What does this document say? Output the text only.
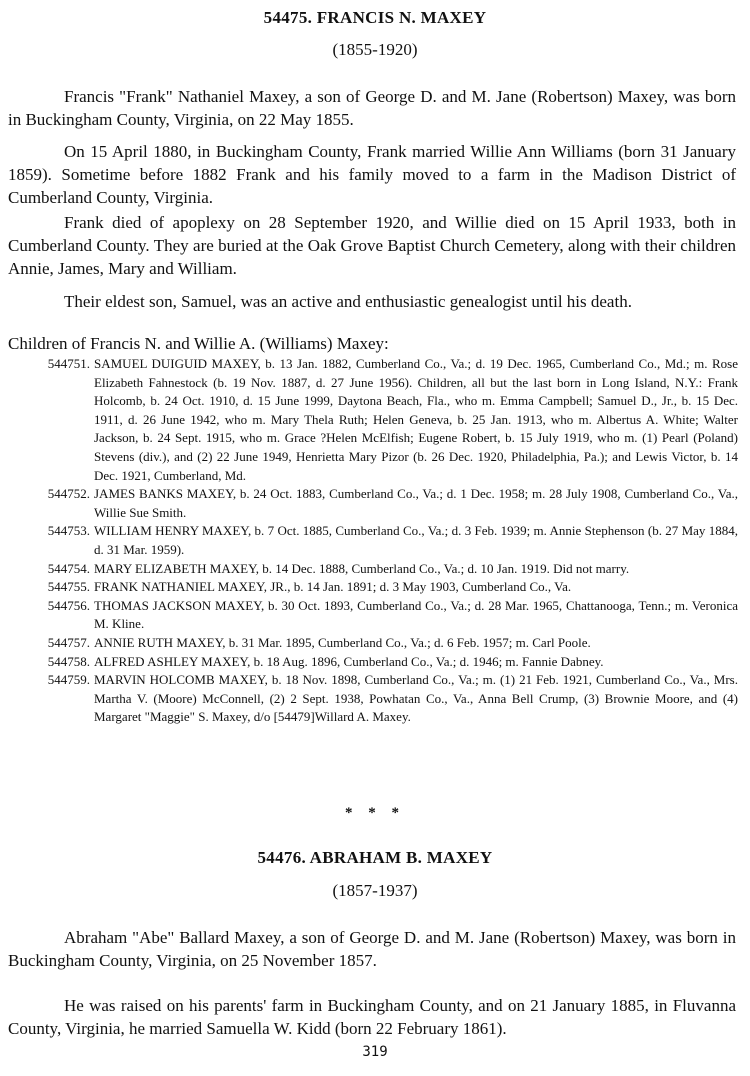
54475. FRANCIS N. MAXEY
(1855-1920)

Francis "Frank" Nathaniel Maxey, a son of George D. and M. Jane (Robertson) Maxey, was born in Buckingham County, Virginia, on 22 May 1855.

On 15 April 1880, in Buckingham County, Frank married Willie Ann Williams (born 31 January 1859). Sometime before 1882 Frank and his family moved to a farm in the Madison District of Cumberland County, Virginia.

Frank died of apoplexy on 28 September 1920, and Willie died on 15 April 1933, both in Cumberland County. They are buried at the Oak Grove Baptist Church Cemetery, along with their children Annie, James, Mary and William.

Their eldest son, Samuel, was an active and enthusiastic genealogist until his death.

Children of Francis N. and Willie A. (Williams) Maxey:

544751. SAMUEL DUIGUID MAXEY, b. 13 Jan. 1882, Cumberland Co., Va.; d. 19 Dec. 1965, Cumberland Co., Md.; m. Rose Elizabeth Fahnestock (b. 19 Nov. 1887, d. 27 June 1956). Children, all but the last born in Long Island, N.Y.: Frank Holcomb, b. 24 Oct. 1910, d. 15 June 1999, Daytona Beach, Fla., who m. Emma Campbell; Samuel D., Jr., b. 15 Dec. 1911, d. 26 June 1942, who m. Mary Thela Ruth; Helen Geneva, b. 25 Jan. 1913, who m. Albertus A. White; Walter Jackson, b. 24 Sept. 1915, who m. Grace ?Helen McElfish; Eugene Robert, b. 15 July 1919, who m. (1) Pearl (Poland) Stevens (div.), and (2) 22 June 1949, Henrietta Mary Pizor (b. 26 Dec. 1920, Philadelphia, Pa.); and Lewis Victor, b. 14 Dec. 1921, Cumberland, Md.
544752. JAMES BANKS MAXEY, b. 24 Oct. 1883, Cumberland Co., Va.; d. 1 Dec. 1958; m. 28 July 1908, Cumberland Co., Va., Willie Sue Smith.
544753. WILLIAM HENRY MAXEY, b. 7 Oct. 1885, Cumberland Co., Va.; d. 3 Feb. 1939; m. Annie Stephenson (b. 27 May 1884, d. 31 Mar. 1959).
544754. MARY ELIZABETH MAXEY, b. 14 Dec. 1888, Cumberland Co., Va.; d. 10 Jan. 1919. Did not marry.
544755. FRANK NATHANIEL MAXEY, JR., b. 14 Jan. 1891; d. 3 May 1903, Cumberland Co., Va.
544756. THOMAS JACKSON MAXEY, b. 30 Oct. 1893, Cumberland Co., Va.; d. 28 Mar. 1965, Chattanooga, Tenn.; m. Veronica M. Kline.
544757. ANNIE RUTH MAXEY, b. 31 Mar. 1895, Cumberland Co., Va.; d. 6 Feb. 1957; m. Carl Poole.
544758. ALFRED ASHLEY MAXEY, b. 18 Aug. 1896, Cumberland Co., Va.; d. 1946; m. Fannie Dabney.
544759. MARVIN HOLCOMB MAXEY, b. 18 Nov. 1898, Cumberland Co., Va.; m. (1) 21 Feb. 1921, Cumberland Co., Va., Mrs. Martha V. (Moore) McConnell, (2) 2 Sept. 1938, Powhatan Co., Va., Anna Bell Crump, (3) Brownie Moore, and (4) Margaret "Maggie" S. Maxey, d/o [54479]Willard A. Maxey.
* * *
54476. ABRAHAM B. MAXEY
(1857-1937)

Abraham "Abe" Ballard Maxey, a son of George D. and M. Jane (Robertson) Maxey, was born in Buckingham County, Virginia, on 25 November 1857.

He was raised on his parents' farm in Buckingham County, and on 21 January 1885, in Fluvanna County, Virginia, he married Samuella W. Kidd (born 22 February 1861).

319
